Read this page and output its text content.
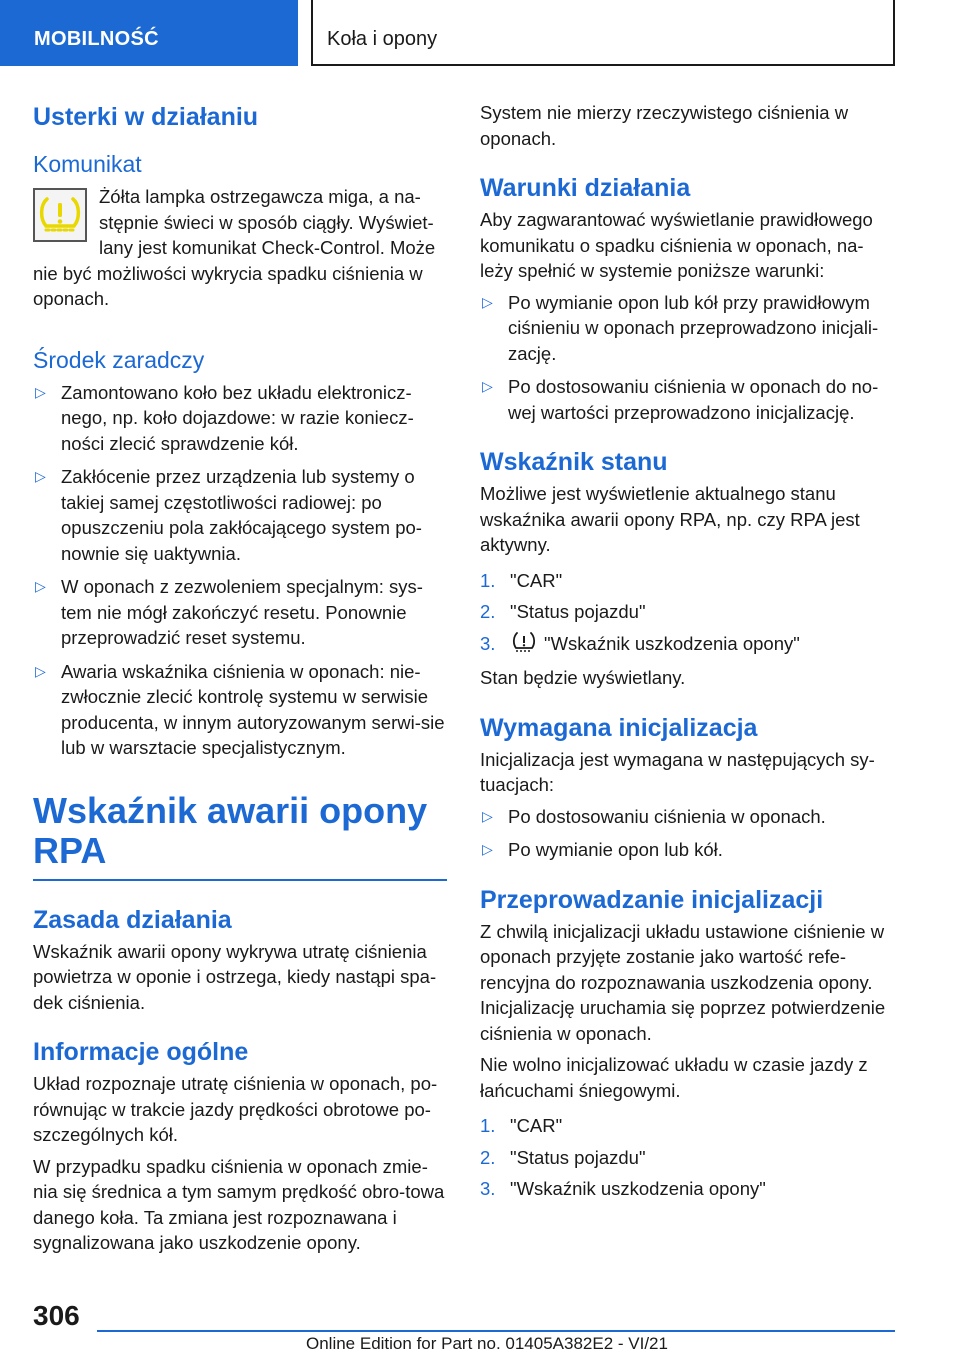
MOBILNOŚĆ	Koła i opony
Usterki w działaniu
Komunikat

Żółta lampka ostrzegawcza miga, a na-stępnie świeci w sposób ciągły. Wyświet-lany jest komunikat Check-Control. Może nie być możliwości wykrycia spadku ciśnienia w oponach.

Środek zaradczy
▷ Zamontowano koło bez układu elektronicz-nego, np. koło dojazdowe: w razie koniecz-ności zlecić sprawdzenie kół.
▷ Zakłócenie przez urządzenia lub systemy o takiej samej częstotliwości radiowej: po opuszczeniu pola zakłócającego system po-nownie się uaktywnia.
▷ W oponach z zezwoleniem specjalnym: sys-tem nie mógł zakończyć resetu. Ponownie przeprowadzić reset systemu.
▷ Awaria wskaźnika ciśnienia w oponach: nie-zwłocznie zlecić kontrolę systemu w serwisie producenta, w innym autoryzowanym serwi-sie lub w warsztacie specjalistycznym.
Wskaźnik awarii opony RPA
Zasada działania

Wskaźnik awarii opony wykrywa utratę ciśnienia powietrza w oponie i ostrzega, kiedy nastąpi spa-dek ciśnienia.

Informacje ogólne

Układ rozpoznaje utratę ciśnienia w oponach, po-równując w trakcie jazdy prędkości obrotowe po-szczególnych kół.

W przypadku spadku ciśnienia w oponach zmie-nia się średnica a tym samym prędkość obro-towa danego koła. Ta zmiana jest rozpoznawana i sygnalizowana jako uszkodzenie opony.

System nie mierzy rzeczywistego ciśnienia w oponach.

Warunki działania

Aby zagwarantować wyświetlanie prawidłowego komunikatu o spadku ciśnienia w oponach, na-leży spełnić w systemie poniższe warunki:

▷ Po wymianie opon lub kół przy prawidłowym ciśnieniu w oponach przeprowadzono inicjali-zację.
▷ Po dostosowaniu ciśnienia w oponach do no-wej wartości przeprowadzono inicjalizację.
Wskaźnik stanu

Możliwe jest wyświetlenie aktualnego stanu wskaźnika awarii opony RPA, np. czy RPA jest aktywny.

1. "CAR"
2. "Status pojazdu"
3.	"Wskaźnik uszkodzenia opony"

Stan będzie wyświetlany.

Wymagana inicjalizacja

Inicjalizacja jest wymagana w następujących sy-tuacjach:

▷ Po dostosowaniu ciśnienia w oponach.
▷ Po wymianie opon lub kół.
Przeprowadzanie inicjalizacji

Z chwilą inicjalizacji układu ustawione ciśnienie w oponach przyjęte zostanie jako wartość refe-rencyjna do rozpoznawania uszkodzenia opony. Inicjalizację uruchamia się poprzez potwierdzenie ciśnienia w oponach.

Nie wolno inicjalizować układu w czasie jazdy z łańcuchami śniegowymi.

1. "CAR"
2. "Status pojazdu"
3. "Wskaźnik uszkodzenia opony"
306
Online Edition for Part no. 01405A382E2 - VI/21
